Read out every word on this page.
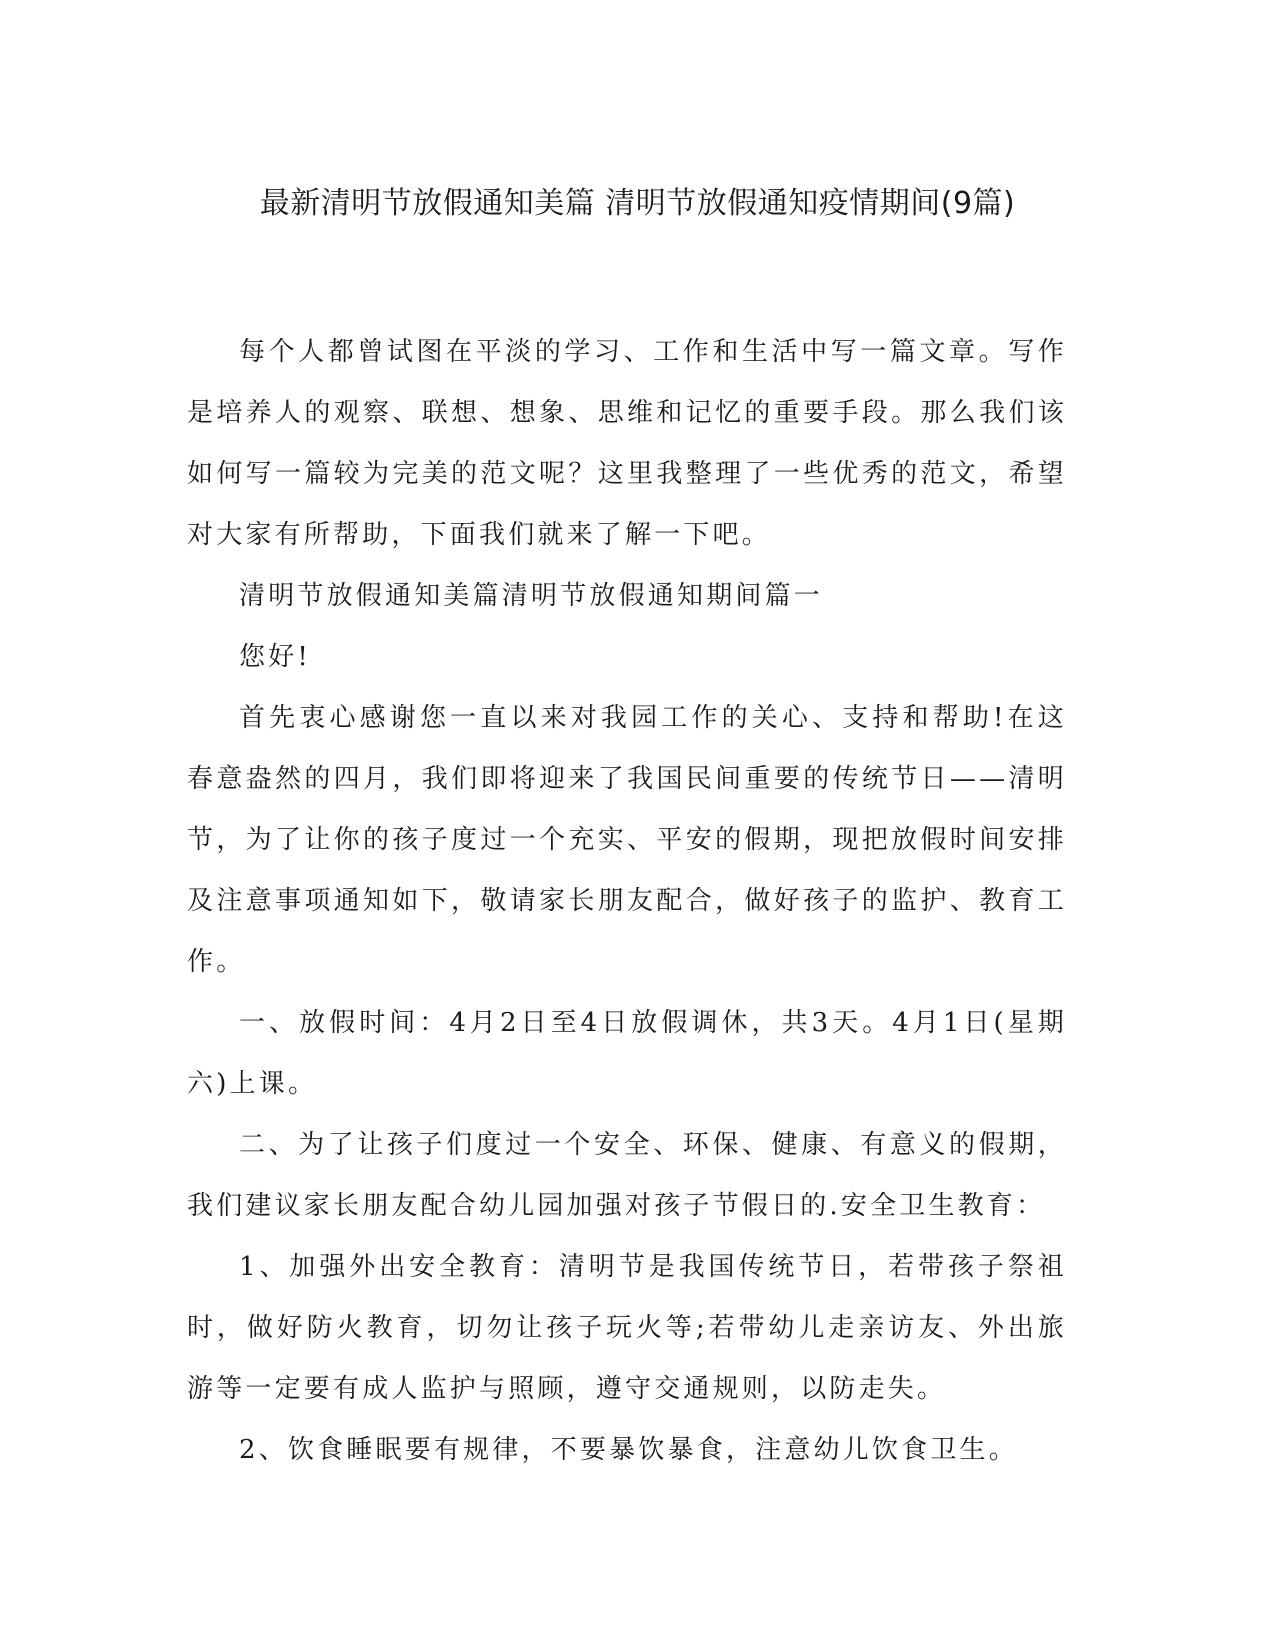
最新清明节放假通知美篇 清明节放假通知疫情期间(9篇)

每个人都曾试图在平淡的学习、工作和生活中写一篇文章。写作是培养人的观察、联想、想象、思维和记忆的重要手段。那么我们该如何写一篇较为完美的范文呢？这里我整理了一些优秀的范文，希望对大家有所帮助，下面我们就来了解一下吧。

清明节放假通知美篇清明节放假通知期间篇一

您好!

首先衷心感谢您一直以来对我园工作的关心、支持和帮助!在这春意盎然的四月，我们即将迎来了我国民间重要的传统节日——清明节，为了让你的孩子度过一个充实、平安的假期，现把放假时间安排及注意事项通知如下，敬请家长朋友配合，做好孩子的监护、教育工作。

一、放假时间：4月2日至4日放假调休，共3天。4月1日(星期六)上课。

二、为了让孩子们度过一个安全、环保、健康、有意义的假期，我们建议家长朋友配合幼儿园加强对孩子节假日的.安全卫生教育：

1、加强外出安全教育：清明节是我国传统节日，若带孩子祭祖时，做好防火教育，切勿让孩子玩火等;若带幼儿走亲访友、外出旅游等一定要有成人监护与照顾，遵守交通规则，以防走失。

2、饮食睡眠要有规律，不要暴饮暴食，注意幼儿饮食卫生。
